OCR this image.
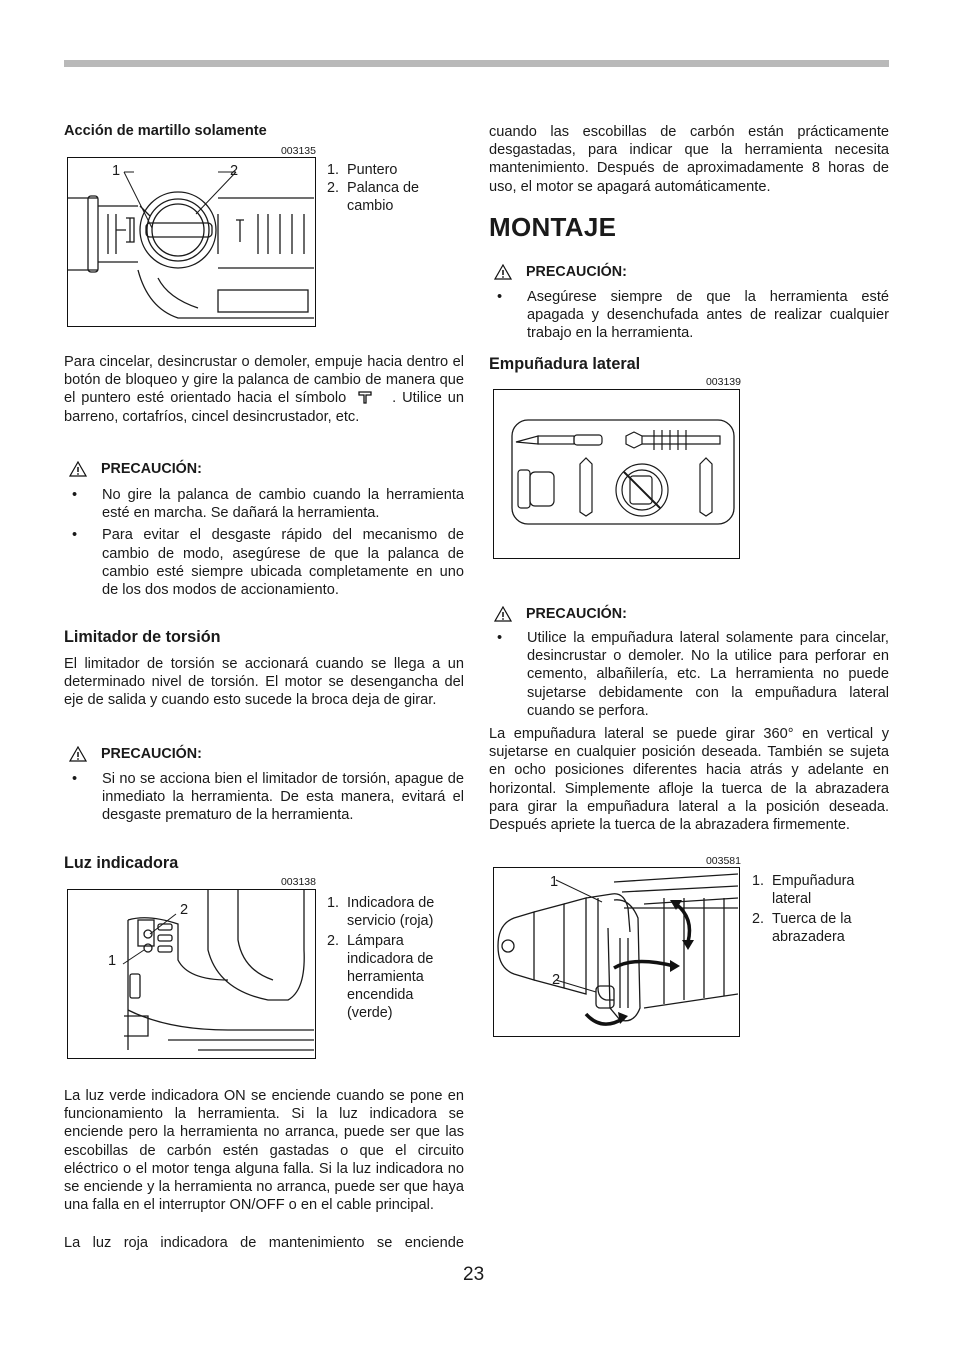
Acción de martillo solamente
003135
1	2	1. Puntero
2. Palanca de cambio

Para cincelar, desincrustar o demoler, empuje hacia dentro el botón de bloqueo y gire la palanca de cambio de manera que el puntero esté orientado hacia el símbolo	. Utilice un barreno, cortafríos, cincel desincrustador, etc.

PRECAUCIÓN:
• No gire la palanca de cambio cuando la herramienta esté en marcha. Se dañará la herramienta.
• Para evitar el desgaste rápido del mecanismo de cambio de modo, asegúrese de que la palanca de cambio esté siempre ubicada completamente en uno de los dos modos de accionamiento.
Limitador de torsión

El limitador de torsión se accionará cuando se llega a un determinado nivel de torsión. El motor se desengancha del eje de salida y cuando esto sucede la broca deja de girar.

PRECAUCIÓN:
• Si no se acciona bien el limitador de torsión, apague de inmediato la herramienta. De esta manera, evitará el desgaste prematuro de la herramienta.
Luz indicadora
003138
2
1
1. Indicadora de servicio (roja)
2. Lámpara indicadora de herramienta encendida (verde)

La luz verde indicadora ON se enciende cuando se pone en funcionamiento la herramienta. Si la luz indicadora se enciende pero la herramienta no arranca, puede ser que las escobillas de carbón estén gastadas o que el circuito eléctrico o el motor tenga alguna falla. Si la luz indicadora no se enciende y la herramienta no arranca, puede ser que haya una falla en el interruptor ON/OFF o en el cable principal.

La luz roja indicadora de mantenimiento se enciende

cuando las escobillas de carbón están prácticamente desgastadas, para indicar que la herramienta necesita mantenimiento. Después de aproximadamente 8 horas de uso, el motor se apagará automáticamente.

MONTAJE
PRECAUCIÓN:
• Asegúrese siempre de que la herramienta esté apagada y desenchufada antes de realizar cualquier trabajo en la herramienta.
Empuñadura lateral
003139
PRECAUCIÓN:
• Utilice la empuñadura lateral solamente para cincelar, desincrustar o demoler. No la utilice para perforar en cemento, albañilería, etc. La herramienta no puede sujetarse debidamente con la empuñadura lateral cuando se perfora.

La empuñadura lateral se puede girar 360° en vertical y sujetarse en cualquier posición deseada. También se sujeta en ocho posiciones diferentes hacia atrás y adelante en horizontal. Simplemente afloje la tuerca de la abrazadera para girar la empuñadura lateral a la posición deseada. Después apriete la tuerca de la abrazadera firmemente.

003581
1
2
1. Empuñadura lateral
2. Tuerca de la abrazadera
23
